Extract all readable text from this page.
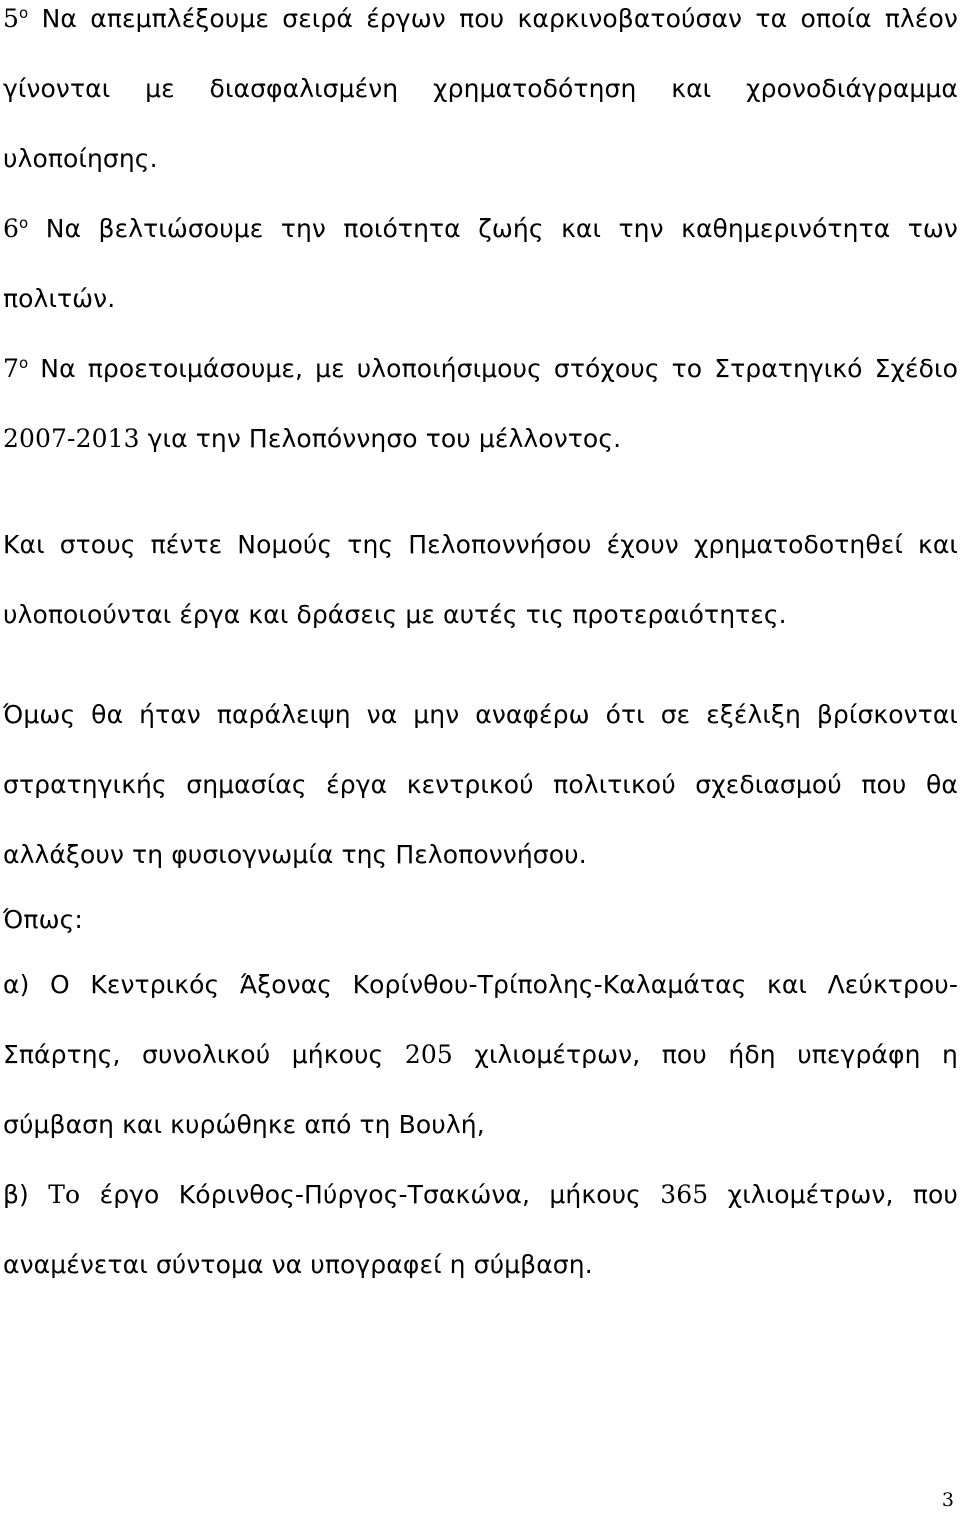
$5^o$ Να απεμπλέξουμε σειρά έργων που καρκινοβατούσαν τα οποία πλέον γίνονται με διασφαλισμένη χρηματοδότηση και χρονοδιάγραμμα υλοποίησης.

$6^o$ Να βελτιώσουμε την ποιότητα ζωής και την καθημερινότητα των πολιτών.

$7^o$ Να προετοιμάσουμε, με υλοποιήσιμους στόχους το Στρατηγικό Σχέδιο 2007-2013 για την Πελοπόννησο του μέλλοντος.

Και στους πέντε Νομούς της Πελοποννήσου έχουν χρηματοδοτηθεί και υλοποιούνται έργα και δράσεις με αυτές τις προτεραιότητες.

Όμως θα ήταν παράλειψη να μην αναφέρω ότι σε εξέλιξη βρίσκονται στρατηγικής σημασίας έργα κεντρικού πολιτικού σχεδιασμού που θα αλλάξουν τη φυσιογνωμία της Πελοποννήσου.

Όπως:

α) Ο Κεντρικός Άξονας Κορίνθου-Τρίπολης-Καλαμάτας και Λεύκτρου-Σπάρτης, συνολικού μήκους 205 χιλιομέτρων, που ήδη υπεγράφη η σύμβαση και κυρώθηκε από τη Βουλή,

β) Το έργο Κόρινθος-Πύργος-Τσακώνα, μήκους 365 χιλιομέτρων, που αναμένεται σύντομα να υπογραφεί η σύμβαση.

3
